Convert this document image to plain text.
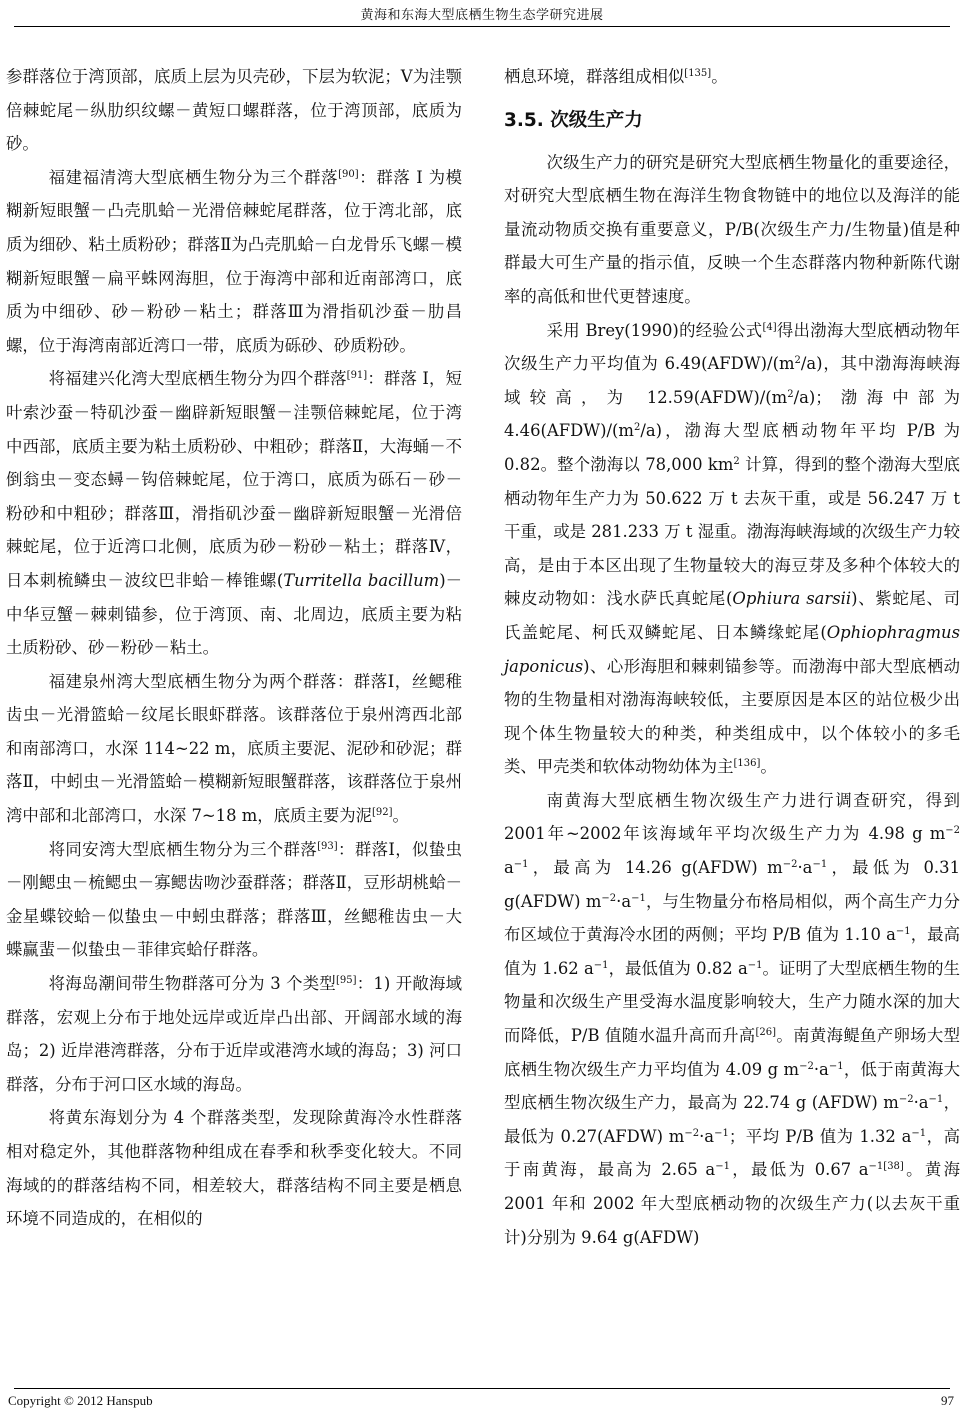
黄海和东海大型底栖生物生态学研究进展

参群落位于湾顶部，底质上层为贝壳砂，下层为软泥；Ⅴ为洼颚倍棘蛇尾－纵肋织纹螺－黄短口螺群落，位于湾顶部，底质为砂。

福建福清湾大型底栖生物分为三个群落[90]：群落 I 为模糊新短眼蟹－凸壳肌蛤－光滑倍棘蛇尾群落，位于湾北部，底质为细砂、粘土质粉砂；群落Ⅱ为凸壳肌蛤－白龙骨乐飞螺－模糊新短眼蟹－扁平蛛网海胆，位于海湾中部和近南部湾口，底质为中细砂、砂－粉砂－粘土；群落Ⅲ为滑指矶沙蚕－肋昌螺，位于海湾南部近湾口一带，底质为砾砂、砂质粉砂。

将福建兴化湾大型底栖生物分为四个群落[91]：群落 I，短叶索沙蚕－特矶沙蚕－幽辟新短眼蟹－洼颚倍棘蛇尾，位于湾中西部，底质主要为粘土质粉砂、中粗砂；群落Ⅱ，大海蛹－不倒翁虫－变态蟳－钩倍棘蛇尾，位于湾口，底质为砾石－砂－粉砂和中粗砂；群落Ⅲ，滑指矶沙蚕－幽辟新短眼蟹－光滑倍棘蛇尾，位于近湾口北侧，底质为砂－粉砂－粘土；群落Ⅳ，日本刺梳鳞虫－波纹巴非蛤－棒锥螺(Turritella bacillum)－中华豆蟹－棘刺锚参，位于湾顶、南、北周边，底质主要为粘土质粉砂、砂－粉砂－粘土。

福建泉州湾大型底栖生物分为两个群落：群落Ⅰ，丝鳃稚齿虫－光滑篮蛤－纹尾长眼虾群落。该群落位于泉州湾西北部和南部湾口，水深 114~22 m，底质主要泥、泥砂和砂泥；群落Ⅱ，中蚓虫－光滑篮蛤－模糊新短眼蟹群落，该群落位于泉州湾中部和北部湾口，水深 7~18 m，底质主要为泥[92]。

将同安湾大型底栖生物分为三个群落[93]：群落Ⅰ，似蛰虫－刚鳃虫－梳鳃虫－寡鳃齿吻沙蚕群落；群落Ⅱ，豆形胡桃蛤－金星蝶铰蛤－似蛰虫－中蚓虫群落；群落Ⅲ，丝鳃稚齿虫－大蝶赢蜚－似蛰虫－菲律宾蛤仔群落。

将海岛潮间带生物群落可分为 3 个类型[95]：1) 开敞海域群落，宏观上分布于地处远岸或近岸凸出部、开阔部水域的海岛；2) 近岸港湾群落，分布于近岸或港湾水域的海岛；3) 河口群落，分布于河口区水域的海岛。

将黄东海划分为 4 个群落类型，发现除黄海冷水性群落相对稳定外，其他群落物种组成在春季和秋季变化较大。不同海域的的群落结构不同，相差较大，群落结构不同主要是栖息环境不同造成的，在相似的

栖息环境，群落组成相似[135]。

3.5. 次级生产力

次级生产力的研究是研究大型底栖生物量化的重要途径，对研究大型底栖生物在海洋生物食物链中的地位以及海洋的能量流动物质交换有重要意义，P/B(次级生产力/生物量)值是种群最大可生产量的指示值，反映一个生态群落内物种新陈代谢率的高低和世代更替速度。

采用 Brey(1990)的经验公式[4]得出渤海大型底栖动物年次级生产力平均值为 $6.49(AFDW)/(m^2/a)$，其中渤海海峡海域较高，为 $12.59(AFDW)/(m^2/a)$；渤海中部为 $4.46(AFDW)/(m^2/a)$，渤海大型底栖动物年平均 P/B 为 0.82。整个渤海以 78,000 $km^2$ 计算，得到的整个渤海大型底栖动物年生产力为 50.622 万 t 去灰干重，或是 56.247 万 t 干重，或是 281.233 万 t 湿重。渤海海峡海域的次级生产力较高，是由于本区出现了生物量较大的海豆芽及多种个体较大的棘皮动物如：浅水萨氏真蛇尾(Ophiura sarsii)、紫蛇尾、司氏盖蛇尾、柯氏双鳞蛇尾、日本鳞缘蛇尾(Ophiophragmus japonicus)、心形海胆和棘刺锚参等。而渤海中部大型底栖动物的生物量相对渤海海峡较低，主要原因是本区的站位极少出现个体生物量较大的种类，种类组成中，以个体较小的多毛类、甲壳类和软体动物幼体为主[136]。

南黄海大型底栖生物次级生产力进行调查研究，得到2001年~2002年该海域年平均次级生产力为 4.98 g $m^{-2}$ $a^{-1}$，最高为 14.26 g(AFDW) $m^{-2}\cdot a^{-1}$，最低为 0.31 g(AFDW) $m^{-2}\cdot a^{-1}$，与生物量分布格局相似，两个高生产力分布区域位于黄海冷水团的两侧；平均 P/B 值为 1.10 $a^{-1}$，最高值为 1.62 $a^{-1}$，最低值为 0.82 $a^{-1}$。证明了大型底栖生物的生物量和次级生产里受海水温度影响较大，生产力随水深的加大而降低，P/B 值随水温升高而升高[26]。南黄海鳀鱼产卵场大型底栖生物次级生产力平均值为 4.09 g $m^{-2}\cdot a^{-1}$，低于南黄海大型底栖生物次级生产力，最高为 22.74 g (AFDW) $m^{-2}\cdot a^{-1}$，最低为 0.27(AFDW) $m^{-2}\cdot a^{-1}$；平均 P/B 值为 1.32 $a^{-1}$，高于南黄海，最高为 2.65 $a^{-1}$，最低为 0.67 $a^{-1[38]}$。黄海 2001 年和 2002 年大型底栖动物的次级生产力(以去灰干重计)分别为 9.64 g(AFDW)

Copyright © 2012 Hanspub	97
